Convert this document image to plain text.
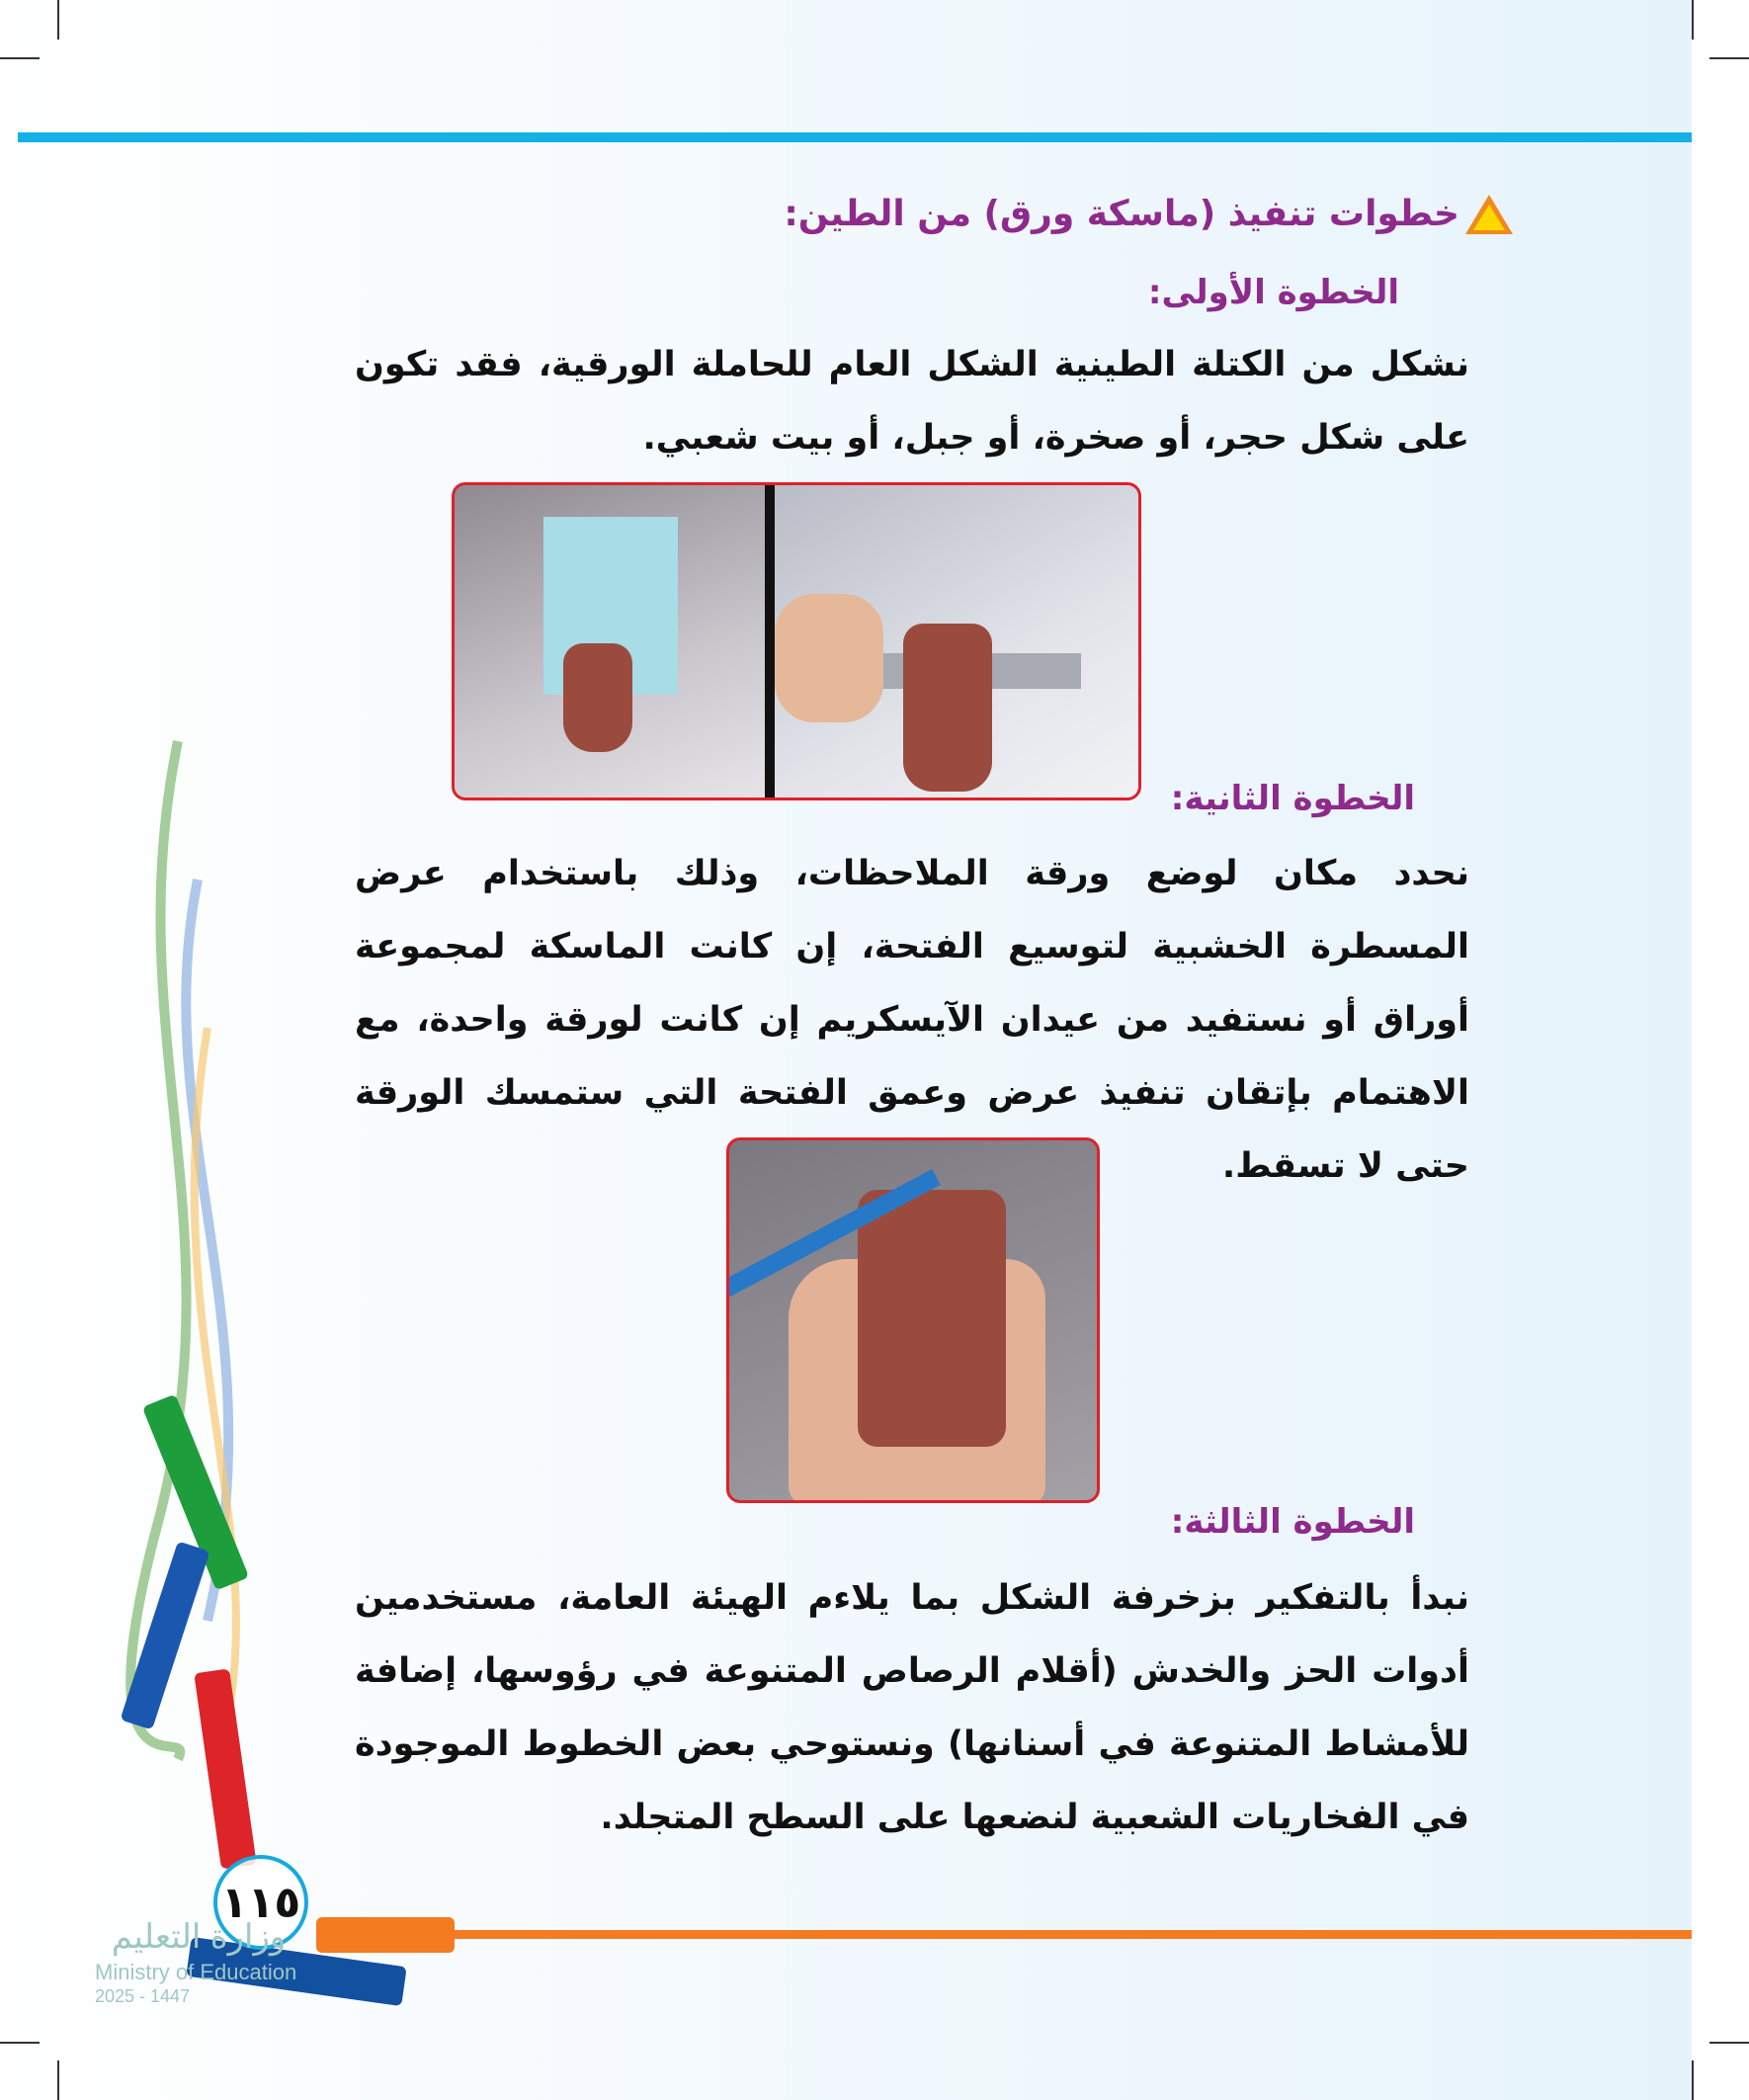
خطوات تنفيذ (ماسكة ورق) من الطين:
الخطوة الأولى:
نشكل من الكتلة الطينية الشكل العام للحاملة الورقية، فقد تكون على شكل حجر، أو صخرة، أو جبل، أو بيت شعبي.
الخطوة الثانية:
نحدد مكان لوضع ورقة الملاحظات، وذلك باستخدام عرض المسطرة الخشبية لتوسيع الفتحة، إن كانت الماسكة لمجموعة أوراق أو نستفيد من عيدان الآيسكريم إن كانت لورقة واحدة، مع الاهتمام بإتقان تنفيذ عرض وعمق الفتحة التي ستمسك الورقة حتى لا تسقط.
الخطوة الثالثة:
نبدأ بالتفكير بزخرفة الشكل بما يلاءم الهيئة العامة، مستخدمين أدوات الحز والخدش (أقلام الرصاص المتنوعة في رؤوسها، إضافة للأمشاط المتنوعة في أسنانها) ونستوحي بعض الخطوط الموجودة في الفخاريات الشعبية لنضعها على السطح المتجلد.
١١٥
وزارة التعليم
Ministry of Education
2025 - 1447
